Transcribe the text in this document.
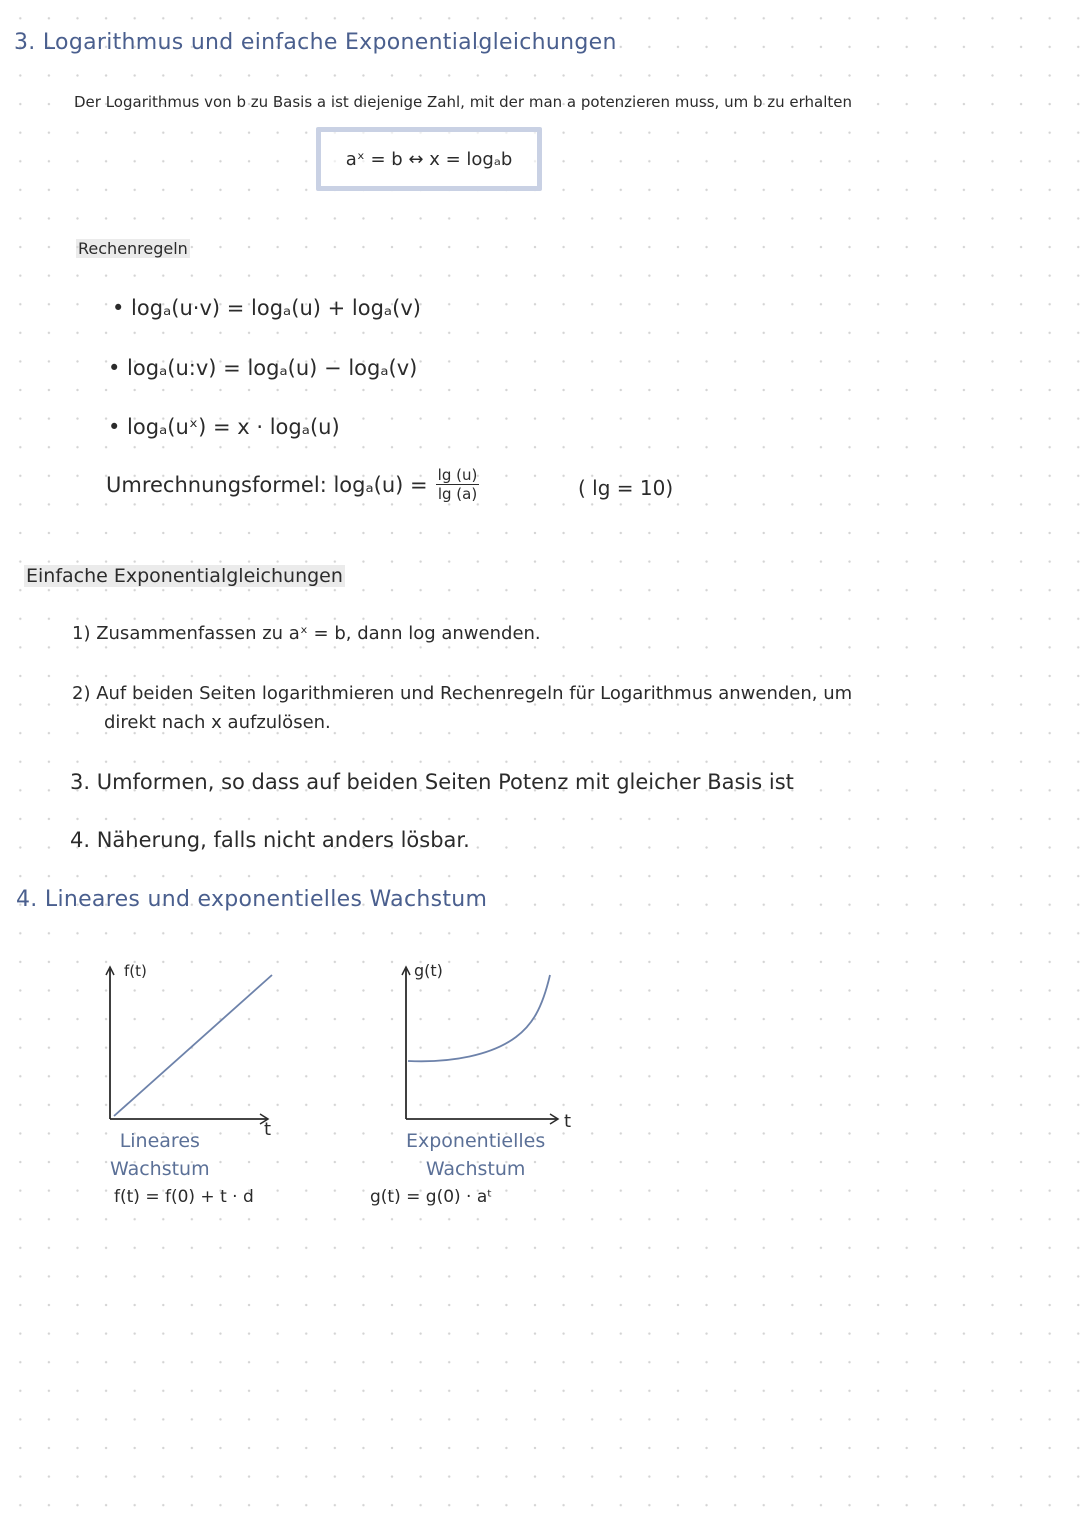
3. Logarithmus und einfache Exponentialgleichungen
Der Logarithmus von b zu Basis a ist diejenige Zahl, mit der man a potenzieren muss, um b zu erhalten
aˣ = b ↔ x = logₐb
Rechenregeln
• logₐ(u·v) = logₐ(u) + logₐ(v)
• logₐ(u:v) = logₐ(u) − logₐ(v)
• logₐ(uˣ) = x · logₐ(u)
Umrechnungsformel: $\log_a(u) = \frac{\lg (u)}{\lg (a)}$	( lg = 10)
Einfache Exponentialgleichungen
1) Zusammenfassen zu aˣ = b, dann log anwenden.
2) Auf beiden Seiten logarithmieren und Rechenregeln für Logarithmus anwenden, um
direkt nach x aufzulösen.
3. Umformen, so dass auf beiden Seiten Potenz mit gleicher Basis ist
4. Näherung, falls nicht anders lösbar.
4. Lineares und exponentielles Wachstum
f(t)
t
Lineares
Wachstum
f(t) = f(0) + t · d
g(t)
t
Exponentielles
Wachstum
g(t) = g(0) · aᵗ
